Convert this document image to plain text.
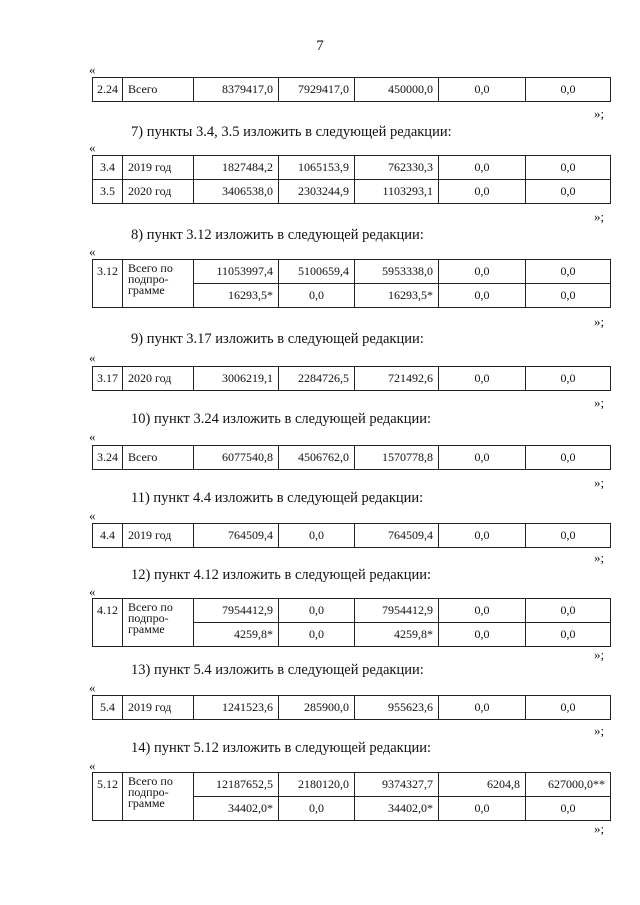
7
«
2.24	Всего	8379417,0	7929417,0	450000,0	0,0	0,0
»;
7) пункты 3.4, 3.5 изложить в следующей редакции:
«
3.4	2019 год	1827484,2	1065153,9	762330,3	0,0	0,0
3.5	2020 год	3406538,0	2303244,9	1103293,1	0,0	0,0
»;
8) пункт 3.12 изложить в следующей редакции:
«
3.12	Всего по подпро-грамме	11053997,4	5100659,4	5953338,0	0,0	0,0
		16293,5*	0,0	16293,5*	0,0	0,0
»;
9) пункт 3.17 изложить в следующей редакции:
«
3.17	2020 год	3006219,1	2284726,5	721492,6	0,0	0,0
»;
10) пункт 3.24 изложить в следующей редакции:
«
3.24	Всего	6077540,8	4506762,0	1570778,8	0,0	0,0
»;
11) пункт 4.4 изложить в следующей редакции:
«
4.4	2019 год	764509,4	0,0	764509,4	0,0	0,0
»;
12) пункт 4.12 изложить в следующей редакции:
«
4.12	Всего по подпро-грамме	7954412,9	0,0	7954412,9	0,0	0,0
		4259,8*	0,0	4259,8*	0,0	0,0
»;
13) пункт 5.4 изложить в следующей редакции:
«
5.4	2019 год	1241523,6	285900,0	955623,6	0,0	0,0
»;
14) пункт 5.12 изложить в следующей редакции:
«
5.12	Всего по подпро-грамме	12187652,5	2180120,0	9374327,7	6204,8	627000,0**
		34402,0*	0,0	34402,0*	0,0	0,0
»;
